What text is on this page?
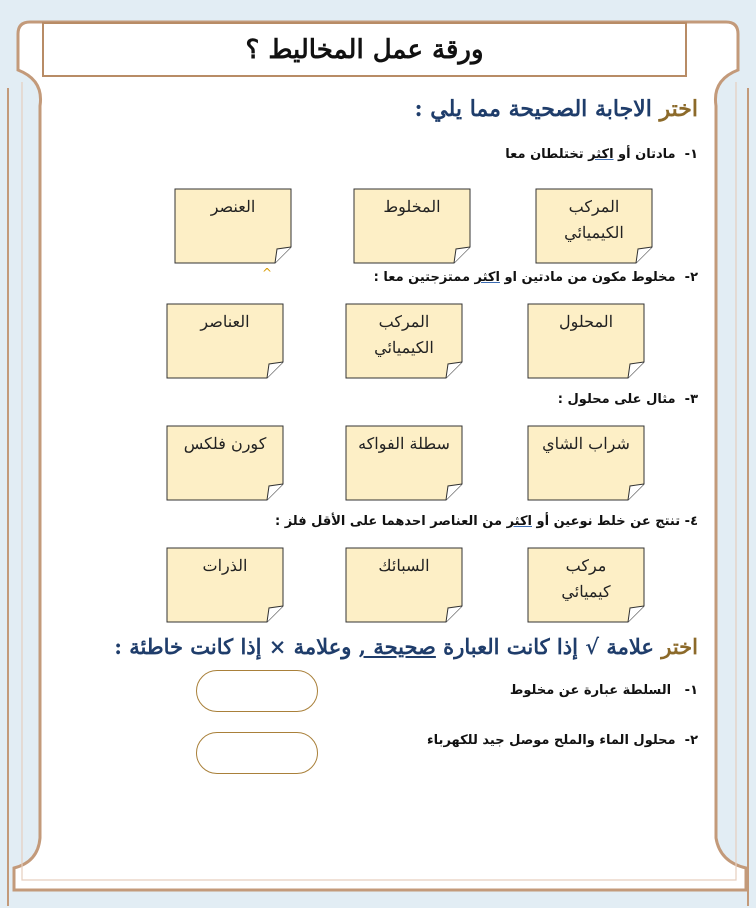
ورقة عمل المخاليط ؟
اختر الاجابة الصحيحة مما يلي :
١-  مادتان أو اكثر تختلطان معا
المركب الكيميائي
المخلوط
العنصر
^	٢-  مخلوط مكون من مادتين او اكثر ممتزجتين معا :
المحلول
المركب الكيميائي
العناصر
٣-  مثال على محلول :
شراب الشاي
سطلة الفواكه
كورن فلكس
٤- تنتج عن خلط نوعين أو اكثر من العناصر احدهما على الأقل فلز :
مركب كيميائي
السبائك
الذرات
اختر علامة √ إذا كانت العبارة صحيحة , وعلامة × إذا كانت خاطئة :
١-   السلطة عبارة عن مخلوط
٢-  محلول الماء والملح موصل جيد للكهرباء
